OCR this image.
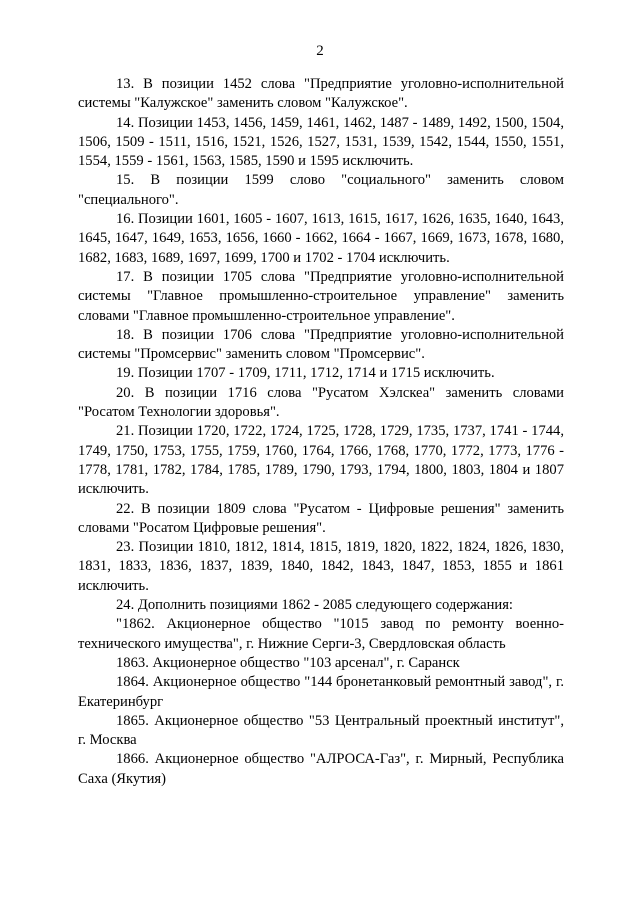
2

13. В позиции 1452 слова "Предприятие уголовно-исполнительной системы "Калужское" заменить словом "Калужское".

14. Позиции 1453, 1456, 1459, 1461, 1462, 1487 - 1489, 1492, 1500, 1504, 1506, 1509 - 1511, 1516, 1521, 1526, 1527, 1531, 1539, 1542, 1544, 1550, 1551, 1554, 1559 - 1561, 1563, 1585, 1590 и 1595 исключить.

15. В позиции 1599 слово "социального" заменить словом "специального".

16. Позиции 1601, 1605 - 1607, 1613, 1615, 1617, 1626, 1635, 1640, 1643, 1645, 1647, 1649, 1653, 1656, 1660 - 1662, 1664 - 1667, 1669, 1673, 1678, 1680, 1682, 1683, 1689, 1697, 1699, 1700 и 1702 - 1704 исключить.

17. В позиции 1705 слова "Предприятие уголовно-исполнительной системы "Главное промышленно-строительное управление" заменить словами "Главное промышленно-строительное управление".

18. В позиции 1706 слова "Предприятие уголовно-исполнительной системы "Промсервис" заменить словом "Промсервис".

19. Позиции 1707 - 1709, 1711, 1712, 1714 и 1715 исключить.

20. В позиции 1716 слова "Русатом Хэлскеа" заменить словами "Росатом Технологии здоровья".

21. Позиции 1720, 1722, 1724, 1725, 1728, 1729, 1735, 1737, 1741 - 1744, 1749, 1750, 1753, 1755, 1759, 1760, 1764, 1766, 1768, 1770, 1772, 1773, 1776 - 1778, 1781, 1782, 1784, 1785, 1789, 1790, 1793, 1794, 1800, 1803, 1804 и 1807 исключить.

22. В позиции 1809 слова "Русатом - Цифровые решения" заменить словами "Росатом Цифровые решения".

23. Позиции 1810, 1812, 1814, 1815, 1819, 1820, 1822, 1824, 1826, 1830, 1831, 1833, 1836, 1837, 1839, 1840, 1842, 1843, 1847, 1853, 1855 и 1861 исключить.

24. Дополнить позициями 1862 - 2085 следующего содержания:

"1862. Акционерное общество "1015 завод по ремонту военно-технического имущества", г. Нижние Серги-3, Свердловская область

1863. Акционерное общество "103 арсенал", г. Саранск

1864. Акционерное общество "144 бронетанковый ремонтный завод", г. Екатеринбург

1865. Акционерное общество "53 Центральный проектный институт", г. Москва

1866. Акционерное общество "АЛРОСА-Газ", г. Мирный, Республика Саха (Якутия)
